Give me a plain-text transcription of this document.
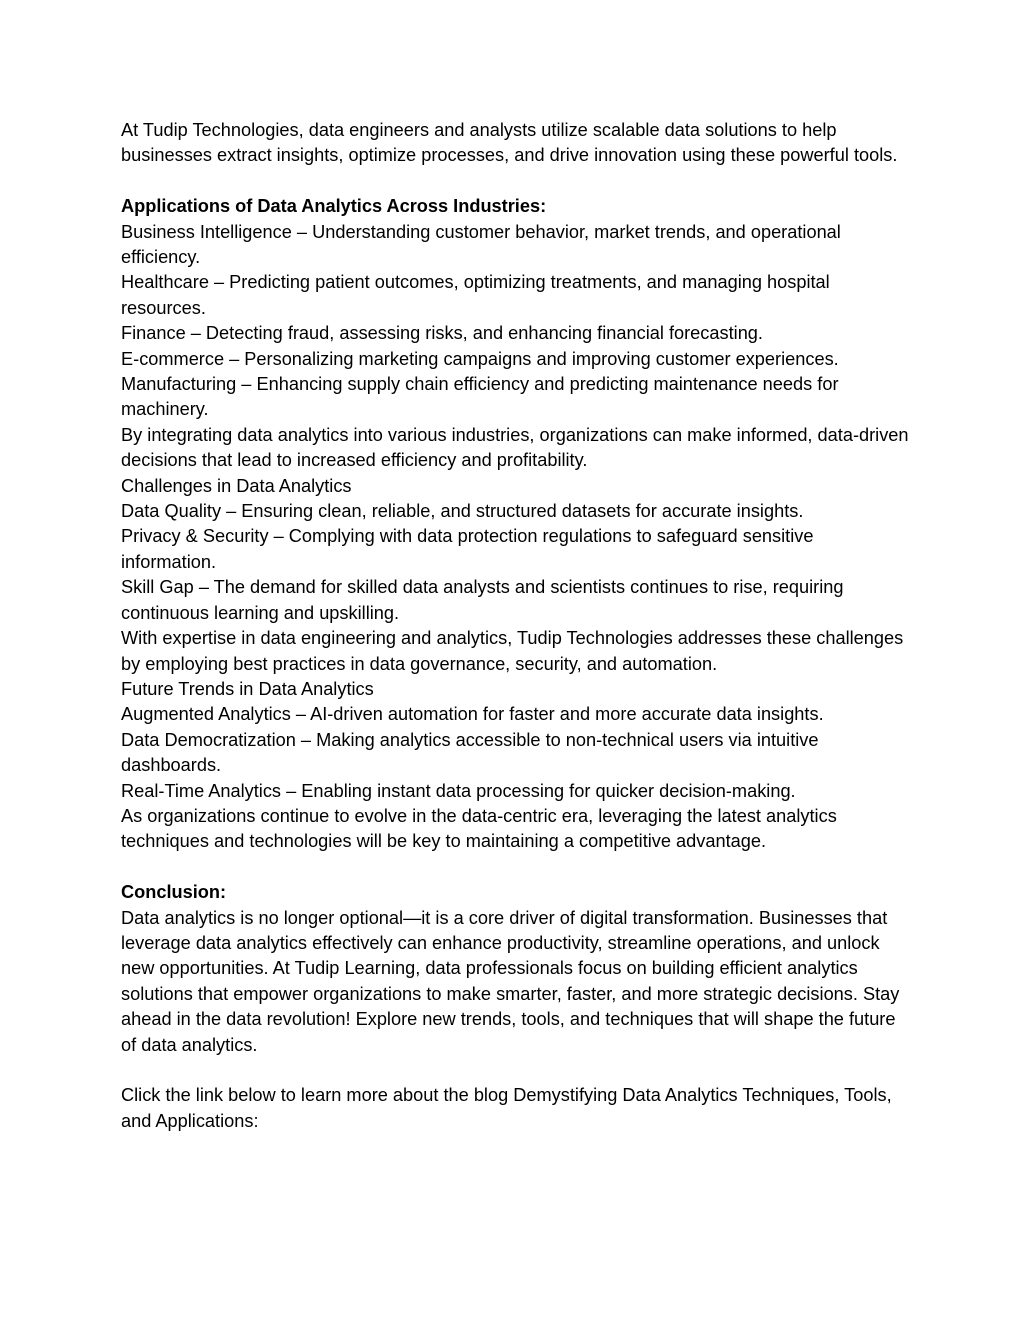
At Tudip Technologies, data engineers and analysts utilize scalable data solutions to help businesses extract insights, optimize processes, and drive innovation using these powerful tools.

Applications of Data Analytics Across Industries:

Business Intelligence – Understanding customer behavior, market trends, and operational efficiency.

Healthcare – Predicting patient outcomes, optimizing treatments, and managing hospital resources.

Finance – Detecting fraud, assessing risks, and enhancing financial forecasting.

E-commerce – Personalizing marketing campaigns and improving customer experiences.

Manufacturing – Enhancing supply chain efficiency and predicting maintenance needs for machinery.

By integrating data analytics into various industries, organizations can make informed, data-driven decisions that lead to increased efficiency and profitability.

Challenges in Data Analytics

Data Quality – Ensuring clean, reliable, and structured datasets for accurate insights.

Privacy & Security – Complying with data protection regulations to safeguard sensitive information.

Skill Gap – The demand for skilled data analysts and scientists continues to rise, requiring continuous learning and upskilling.

With expertise in data engineering and analytics, Tudip Technologies addresses these challenges by employing best practices in data governance, security, and automation.

Future Trends in Data Analytics

Augmented Analytics – AI-driven automation for faster and more accurate data insights.

Data Democratization – Making analytics accessible to non-technical users via intuitive dashboards.

Real-Time Analytics – Enabling instant data processing for quicker decision-making.

As organizations continue to evolve in the data-centric era, leveraging the latest analytics techniques and technologies will be key to maintaining a competitive advantage.

Conclusion:

Data analytics is no longer optional—it is a core driver of digital transformation. Businesses that leverage data analytics effectively can enhance productivity, streamline operations, and unlock new opportunities. At Tudip Learning, data professionals focus on building efficient analytics solutions that empower organizations to make smarter, faster, and more strategic decisions. Stay ahead in the data revolution! Explore new trends, tools, and techniques that will shape the future of data analytics.

Click the link below to learn more about the blog Demystifying Data Analytics Techniques, Tools, and Applications:
